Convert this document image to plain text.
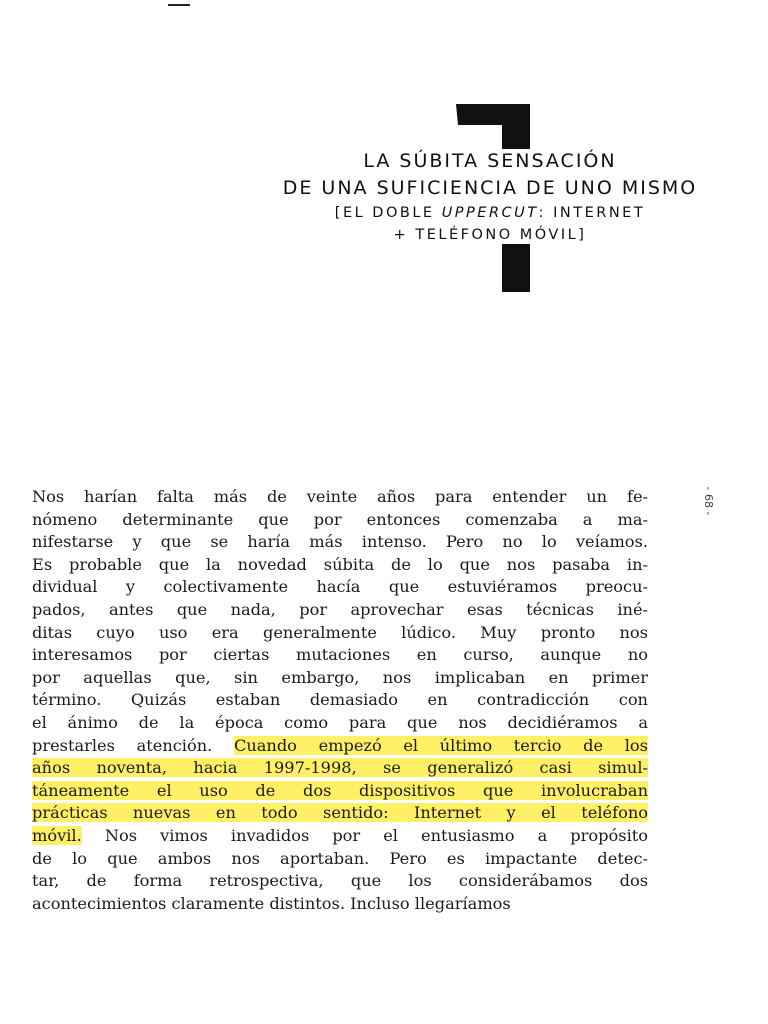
LA SÚBITA SENSACIÓN
DE UNA SUFICIENCIA DE UNO MISMO
[EL DOBLE UPPERCUT: INTERNET
+ TELÉFONO MÓVIL]
- 68 -
Nos harían falta más de veinte años para entender un fe-
nómeno determinante que por entonces comenzaba a ma-
nifestarse y que se haría más intenso. Pero no lo veíamos.
Es probable que la novedad súbita de lo que nos pasaba in-
dividual y colectivamente hacía que estuviéramos preocu-
pados, antes que nada, por aprovechar esas técnicas iné-
ditas cuyo uso era generalmente lúdico. Muy pronto nos
interesamos por ciertas mutaciones en curso, aunque no
por aquellas que, sin embargo, nos implicaban en primer
término. Quizás estaban demasiado en contradicción con
el ánimo de la época como para que nos decidiéramos a
prestarles atención. Cuando empezó el último tercio de los
años noventa, hacia 1997-1998, se generalizó casi simul-
táneamente el uso de dos dispositivos que involucraban
prácticas nuevas en todo sentido: Internet y el teléfono
móvil. Nos vimos invadidos por el entusiasmo a propósito
de lo que ambos nos aportaban. Pero es impactante detec-
tar, de forma retrospectiva, que los considerábamos dos
acontecimientos claramente distintos. Incluso llegaríamos
